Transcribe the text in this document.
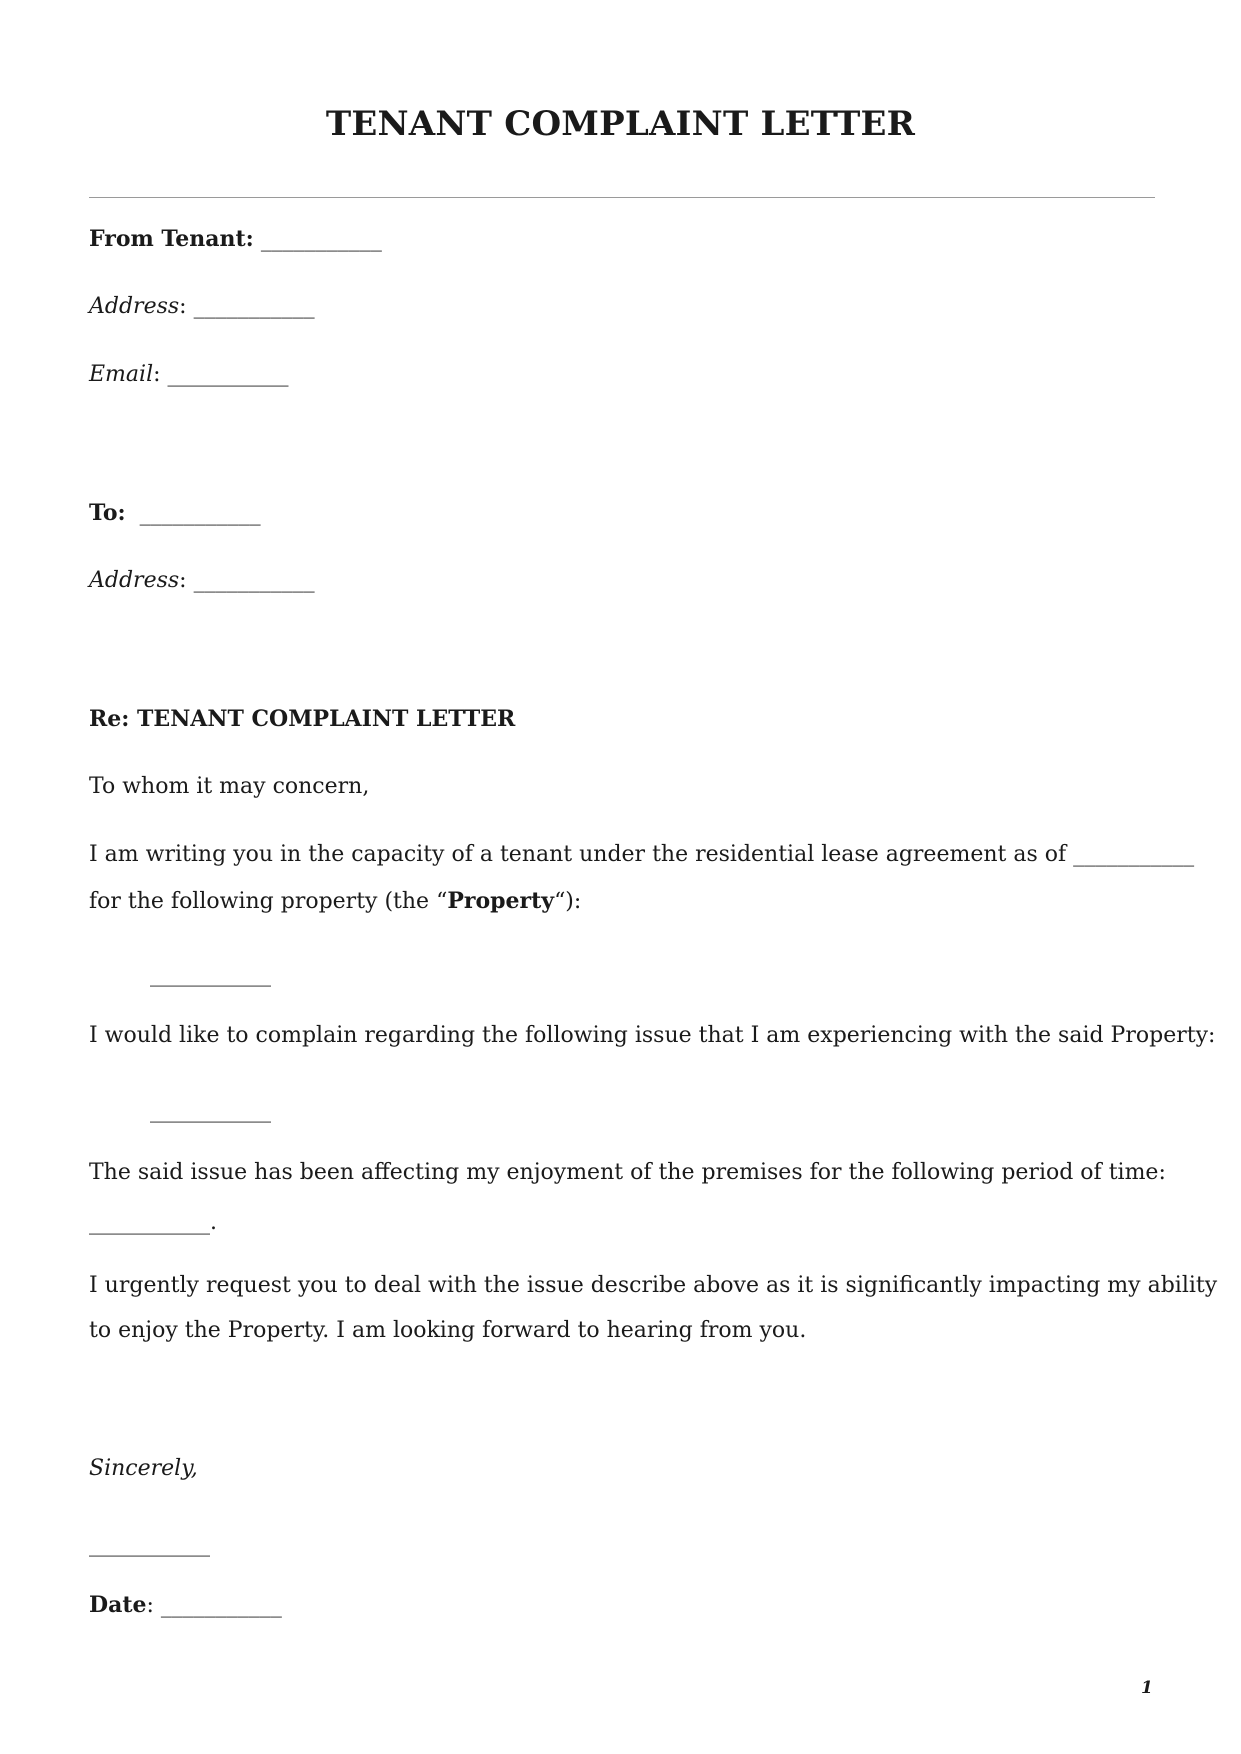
TENANT COMPLAINT LETTER

From Tenant: ___________

Address: ___________

Email: ___________

To: ___________

Address: ___________

Re: TENANT COMPLAINT LETTER

To whom it may concern,

I am writing you in the capacity of a tenant under the residential lease agreement as of ___________

for the following property (the “Property“):

___________

I would like to complain regarding the following issue that I am experiencing with the said Property:

___________

The said issue has been affecting my enjoyment of the premises for the following period of time:

___________.

I urgently request you to deal with the issue describe above as it is significantly impacting my ability

to enjoy the Property. I am looking forward to hearing from you.

Sincerely,

___________

Date: ___________

1
